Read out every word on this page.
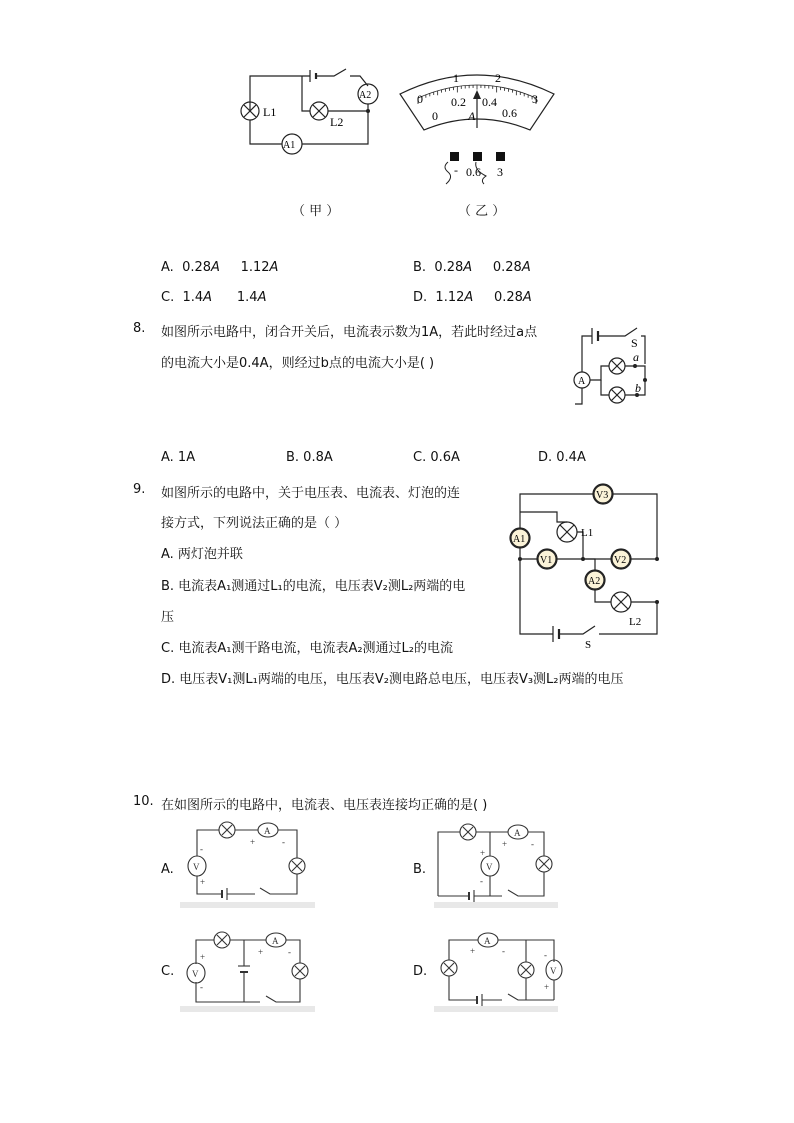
L1
L2
A1
A2	0
1	2
3
0
0.2 0.4
0.6
A
- 0.6 3
（ 甲 ）	（ 乙 ）
A. 0.28A 1.12A	B. 0.28A 0.28A
C. 1.4A 1.4A	D. 1.12A 0.28A
8. 如图所示电路中，闭合开关后，电流表示数为1A，若此时经过a点
的电流大小是0.4A，则经过b点的电流大小是( )
S
a
b
A
A. 1A	B. 0.8A	C. 0.6A	D. 0.4A
9. 如图所示的电路中，关于电压表、电流表、灯泡的连
接方式，下列说法正确的是（ ）
A. 两灯泡并联
B. 电流表A₁测通过L₁的电流，电压表V₂测L₂两端的电
压
C. 电流表A₁测干路电流，电流表A₂测通过L₂的电流
D. 电压表V₁测L₁两端的电压，电压表V₂测电路总电压，电压表V₃测L₂两端的电压
V3
A1
L1
V1	V2
A2
L2
S
10. 在如图所示的电路中，电流表、电压表连接均正确的是( )
A.	B.
C.	D.
A
V
+	-
-
+
A
V
+	-
+
-
A
V
+	-
+
-
A
V
+	-	-
+
